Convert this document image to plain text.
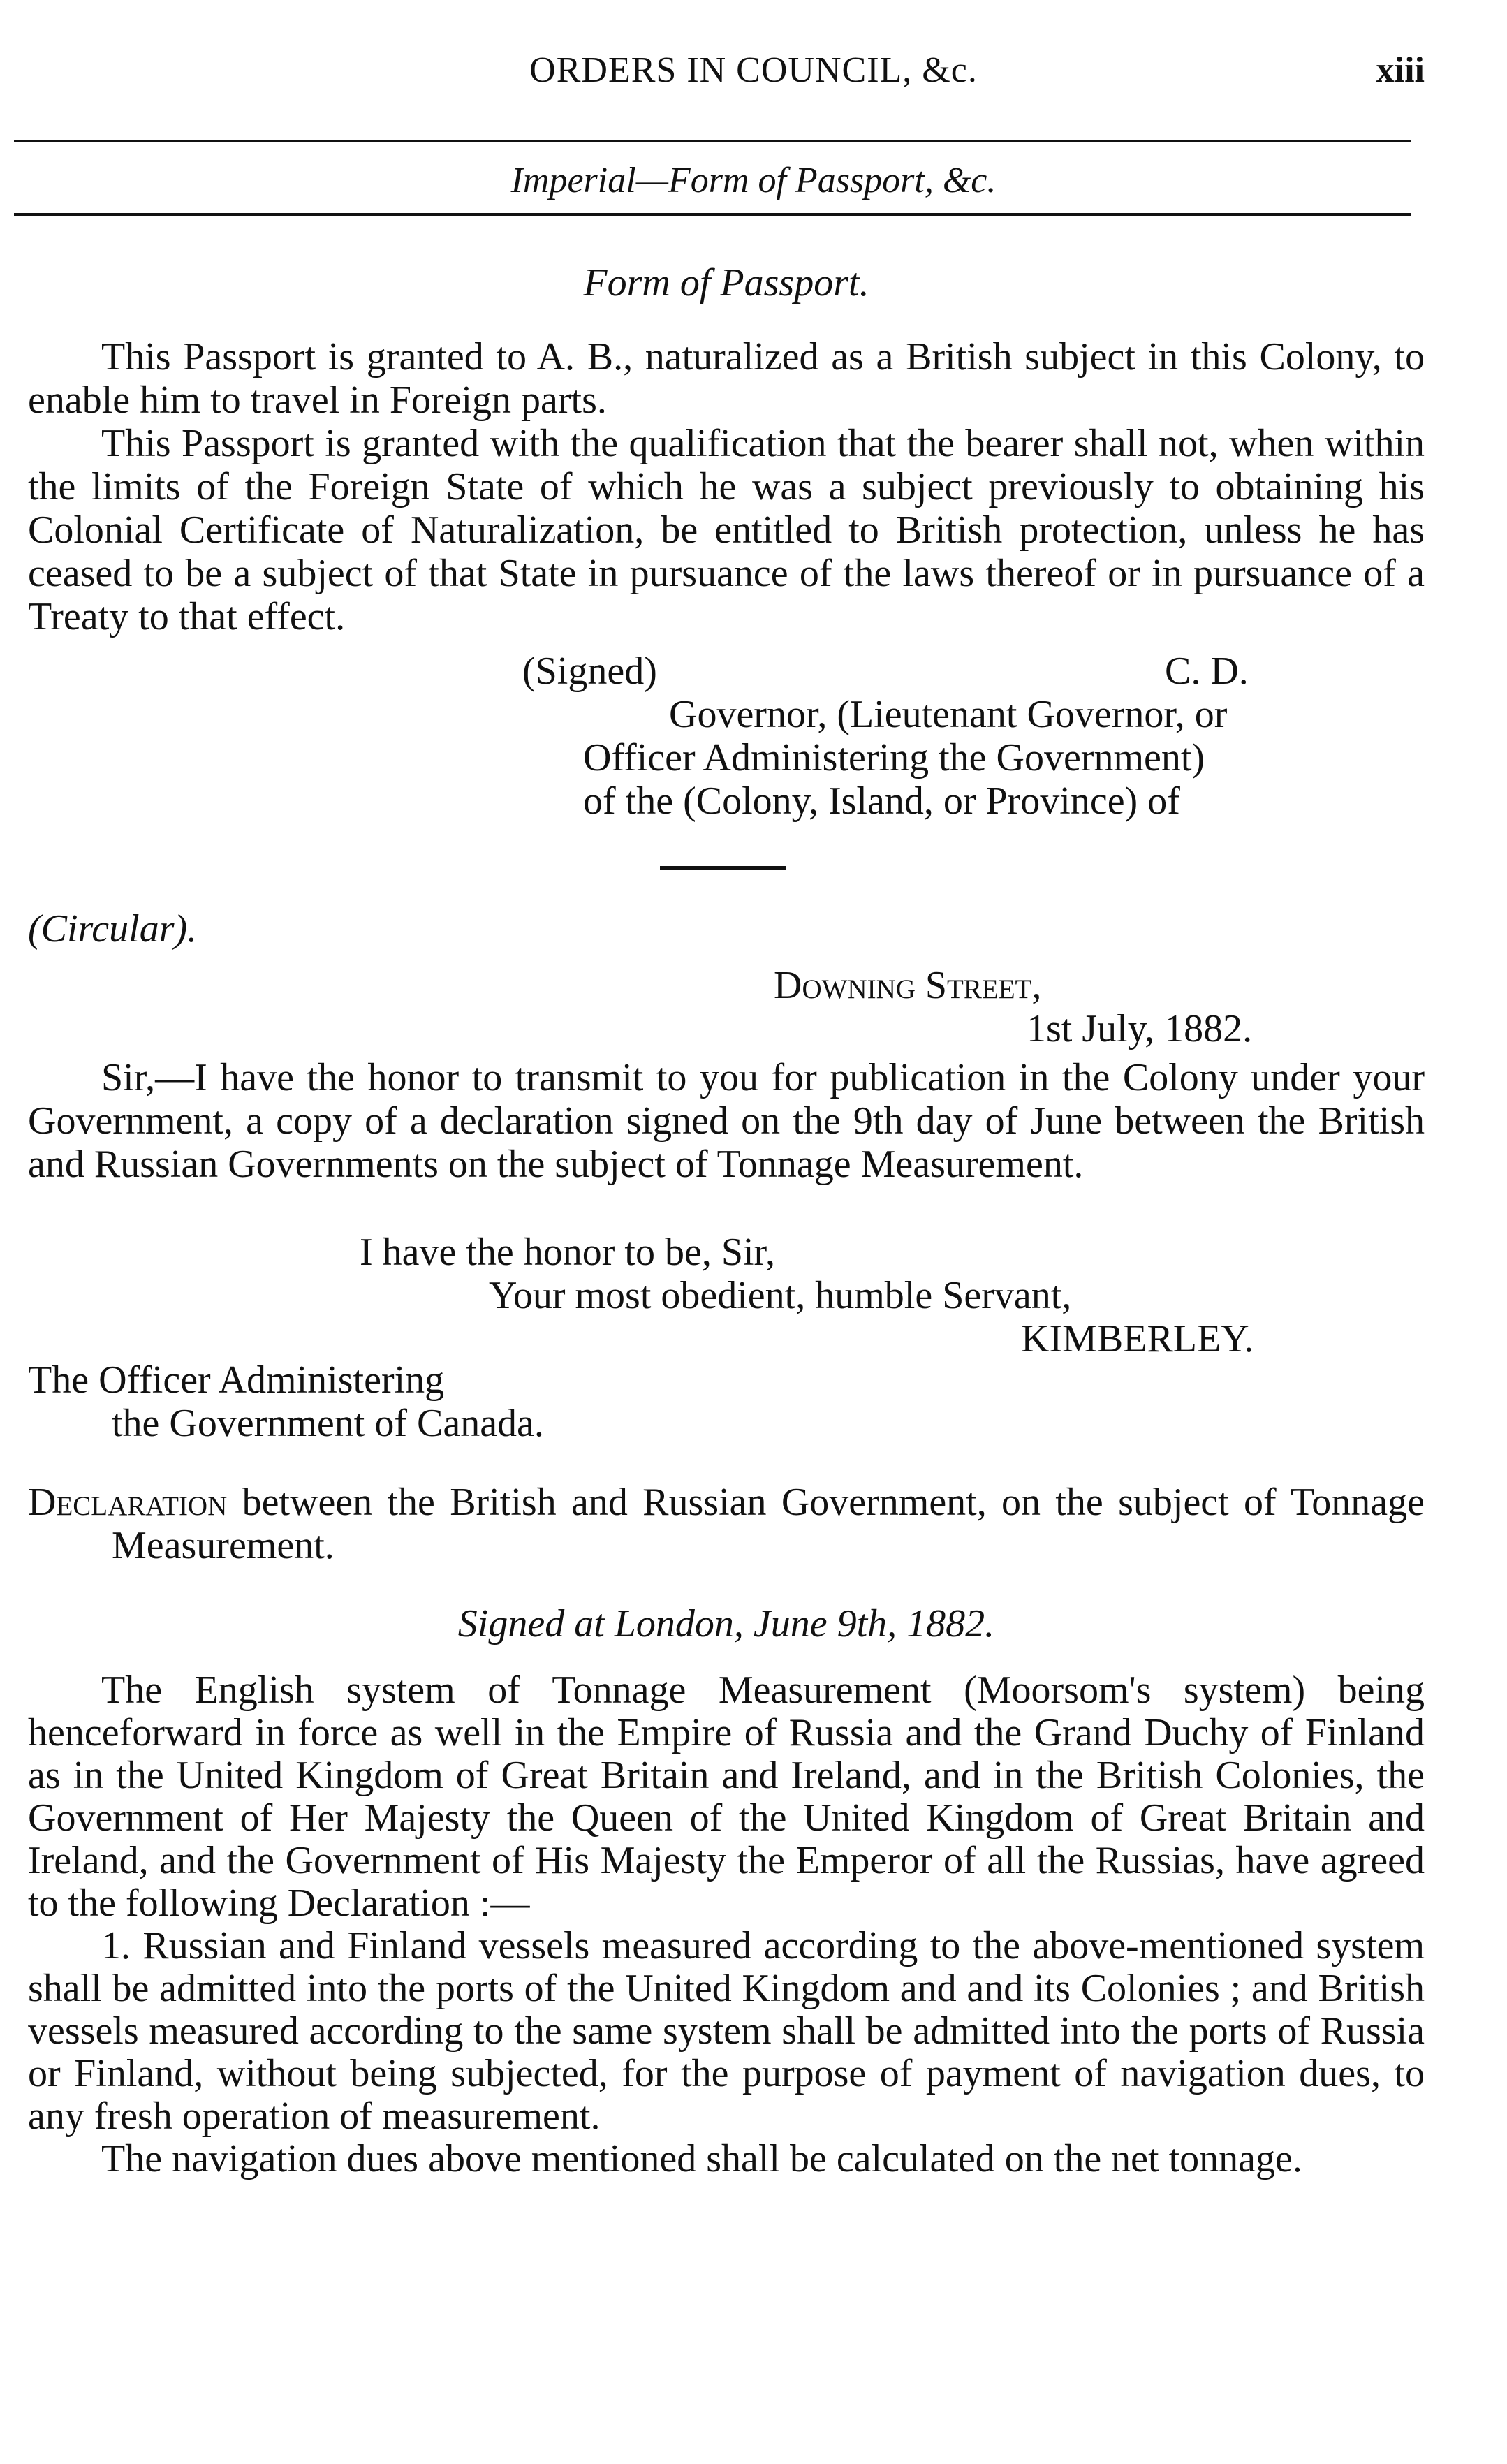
ORDERS IN COUNCIL, &c.	xiii
Imperial—Form of Passport, &c.

Form of Passport.

This Passport is granted to A. B., naturalized as a British subject in this Colony, to enable him to travel in Foreign parts.

This Passport is granted with the qualification that the bearer shall not, when within the limits of the Foreign State of which he was a subject previously to obtaining his Colonial Certificate of Naturalization, be entitled to British protection, unless he has ceased to be a subject of that State in pursuance of the laws thereof or in pursuance of a Treaty to that effect.

(Signed)	C. D.
Governor, (Lieutenant Governor, or
Officer Administering the Government)
of the (Colony, Island, or Province) of

(Circular).

Downing Street,
1st July, 1882.

Sir,—I have the honor to transmit to you for publication in the Colony under your Government, a copy of a declaration signed on the 9th day of June between the British and Russian Governments on the subject of Tonnage Measurement.

I have the honor to be, Sir,
Your most obedient, humble Servant,
KIMBERLEY.
The Officer Administering
the Government of Canada.

Declaration between the British and Russian Government, on the subject of Tonnage Measurement.

Signed at London, June 9th, 1882.

The English system of Tonnage Measurement (Moorsom's system) being henceforward in force as well in the Empire of Russia and the Grand Duchy of Finland as in the United Kingdom of Great Britain and Ireland, and in the British Colonies, the Government of Her Majesty the Queen of the United Kingdom of Great Britain and Ireland, and the Government of His Majesty the Emperor of all the Russias, have agreed to the following Declaration :—

1. Russian and Finland vessels measured according to the above-mentioned system shall be admitted into the ports of the United Kingdom and and its Colonies ; and British vessels measured according to the same system shall be admitted into the ports of Russia or Finland, without being subjected, for the purpose of payment of navigation dues, to any fresh operation of measurement.

The navigation dues above mentioned shall be calculated on the net tonnage.
